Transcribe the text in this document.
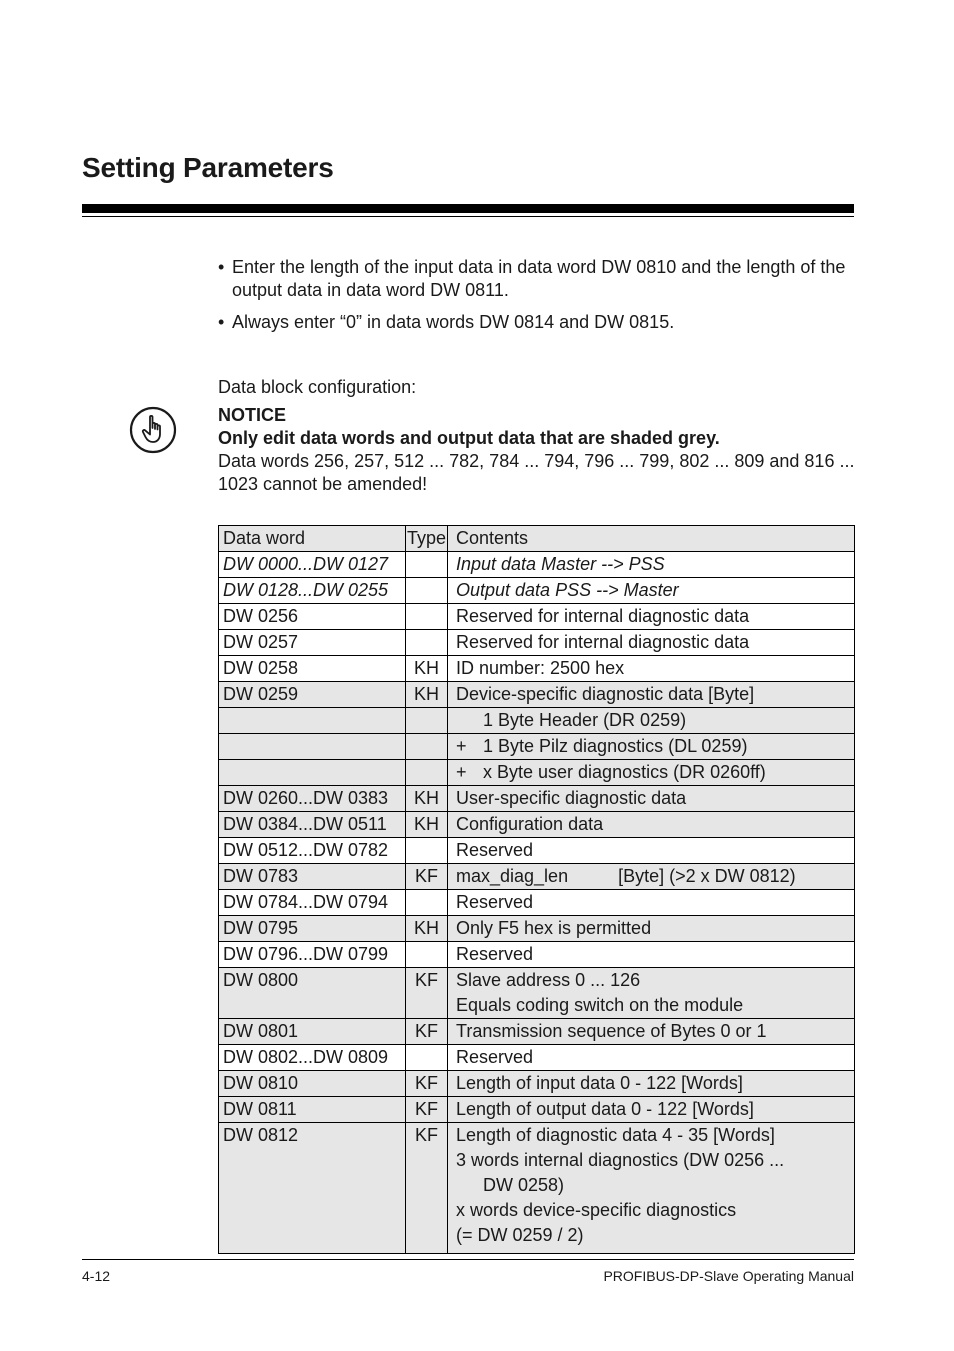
Setting Parameters
• Enter the length of the input data in data word DW 0810 and the length of the output data in data word DW 0811.
• Always enter “0” in data words DW 0814 and DW 0815.
Data block configuration:
NOTICE
Only edit data words and output data that are shaded grey.
Data words 256, 257, 512 ... 782, 784 ... 794, 796 ... 799, 802 ... 809 and 816 ... 1023 cannot be amended!
Data word	Type	Contents
DW 0000...DW 0127		Input data Master --> PSS
DW 0128...DW 0255		Output data PSS --> Master
DW 0256		Reserved for internal diagnostic data
DW 0257		Reserved for internal diagnostic data
DW 0258	KH	ID number: 2500 hex
DW 0259	KH	Device-specific diagnostic data [Byte]
		1 Byte Header (DR 0259)
		+ 1 Byte Pilz diagnostics (DL 0259)
		+ x Byte user diagnostics (DR 0260ff)
DW 0260...DW 0383	KH	User-specific diagnostic data
DW 0384...DW 0511	KH	Configuration data
DW 0512...DW 0782		Reserved
DW 0783	KF	max_diag_len [Byte] (>2 x DW 0812)
DW 0784...DW 0794		Reserved
DW 0795	KH	Only F5 hex is permitted
DW 0796...DW 0799		Reserved
DW 0800	KF	Slave address 0 ... 126
Equals coding switch on the module

DW 0801	KF	Transmission sequence of Bytes 0 or 1
DW 0802...DW 0809		Reserved
DW 0810	KF	Length of input data 0 - 122 [Words]
DW 0811	KF	Length of output data 0 - 122 [Words]
DW 0812	KF	Length of diagnostic data 4 - 35 [Words]
3 words internal diagnostics (DW 0256 ...
DW 0258)
x words device-specific diagnostics
(= DW 0259 / 2)
4-12	PROFIBUS-DP-Slave Operating Manual
